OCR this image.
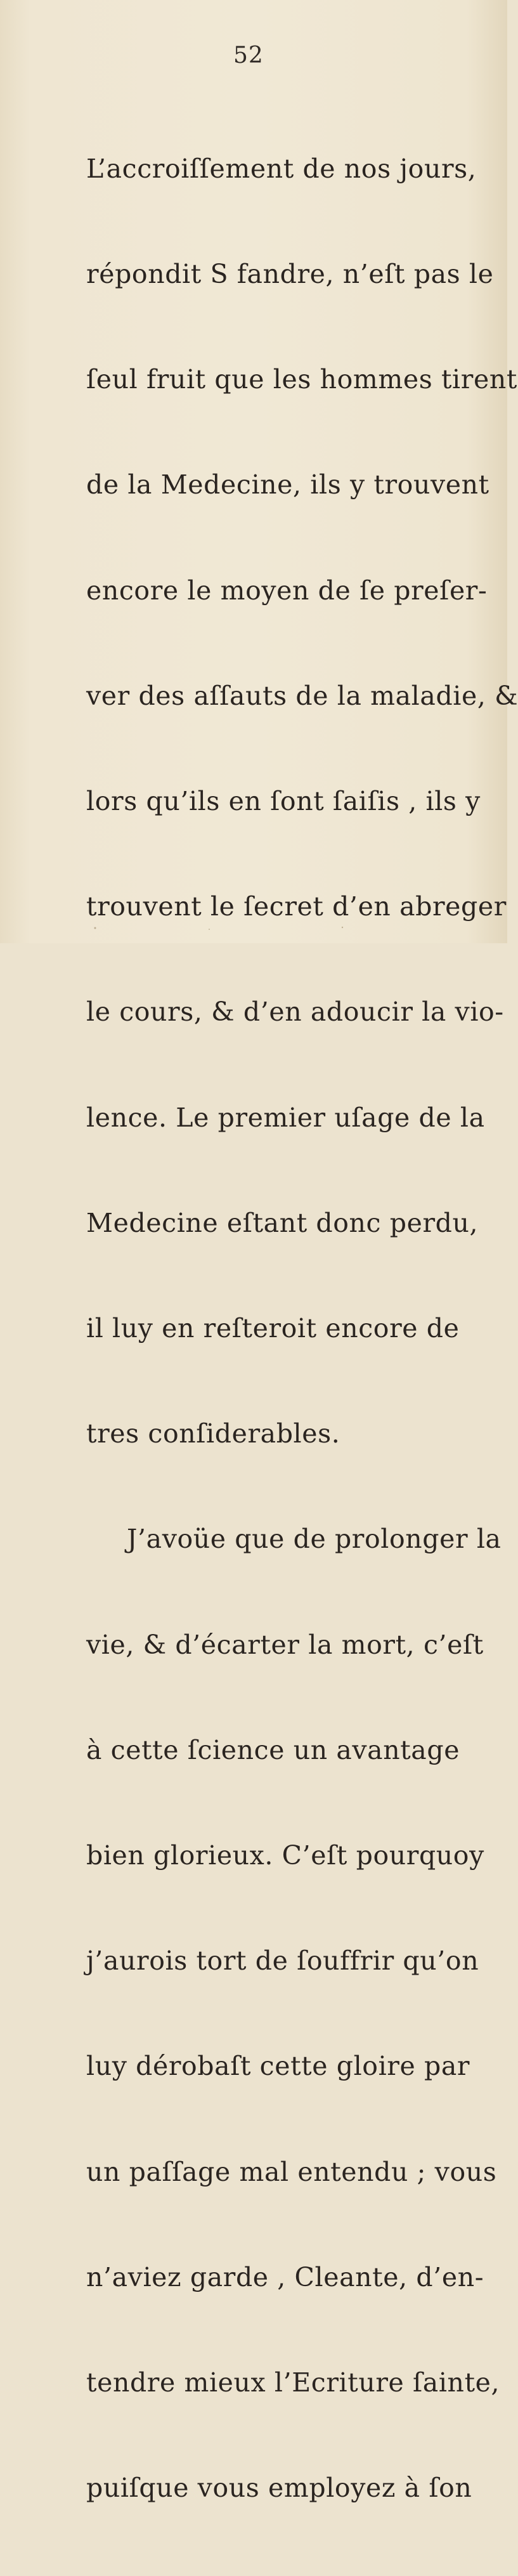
52

L’accroiſſement de nos jours,

répondit S fandre, n’eſt pas le

ſeul fruit que les hommes tirent

de la Medecine, ils y trouvent

encore le moyen de ſe preſer-

ver des aſſauts de la maladie, &

lors qu’ils en ſont ſaiſis , ils y

trouvent le ſecret d’en abreger

le cours, & d’en adoucir la vio-

lence. Le premier uſage de la

Medecine eſtant donc perdu,

il luy en reſteroit encore de

tres conſiderables.

J’avoüe que de prolonger la

vie, & d’écarter la mort, c’eſt

à cette ſcience un avantage

bien glorieux. C’eſt pourquoy

j’aurois tort de ſouffrir qu’on

luy dérobaſt cette gloire par

un paſſage mal entendu ; vous

n’aviez garde , Cleante, d’en-

tendre mieux l’Ecriture ſainte,

puiſque vous employez à ſon
